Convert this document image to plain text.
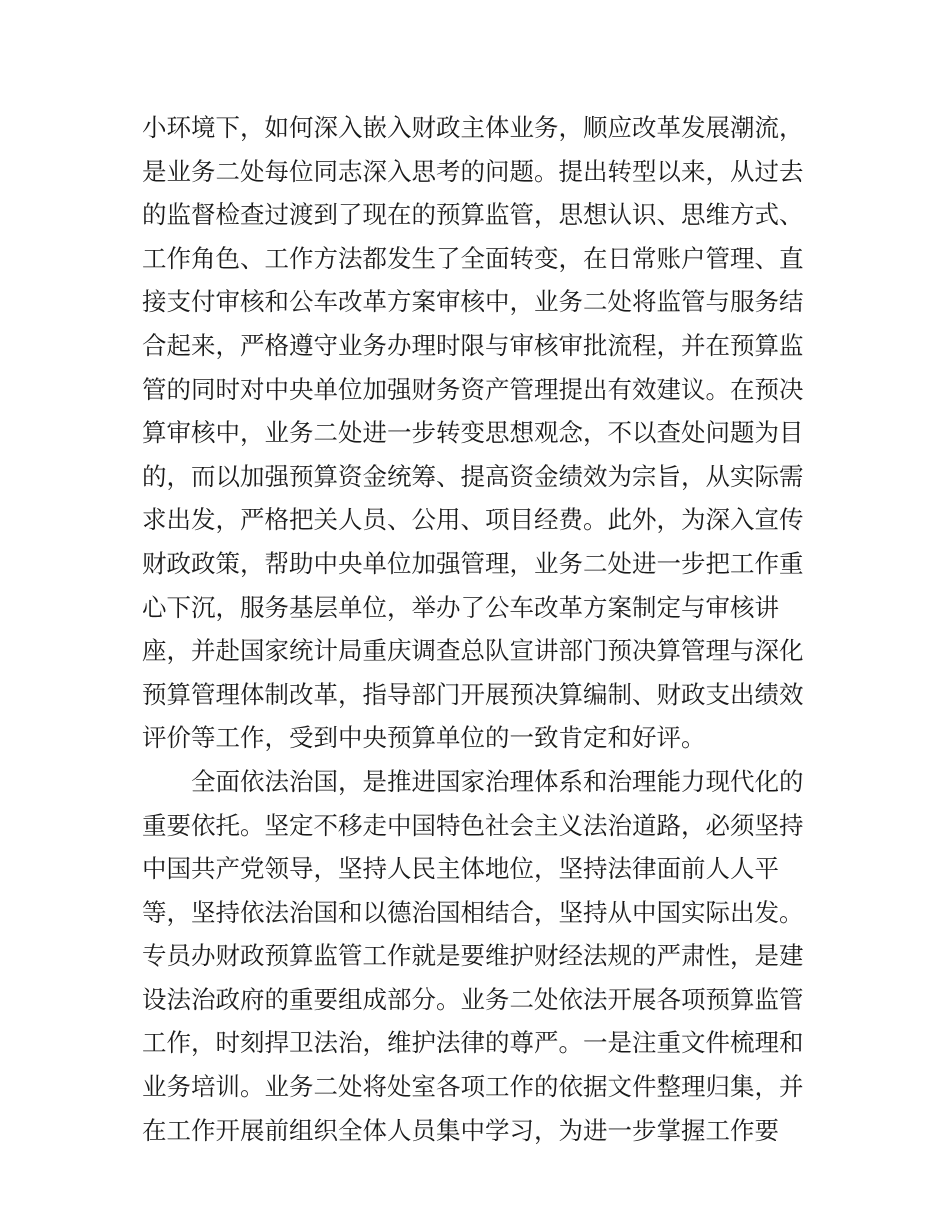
小环境下，如何深入嵌入财政主体业务，顺应改革发展潮流，
是业务二处每位同志深入思考的问题。提出转型以来，从过去
的监督检查过渡到了现在的预算监管，思想认识、思维方式、
工作角色、工作方法都发生了全面转变，在日常账户管理、直
接支付审核和公车改革方案审核中，业务二处将监管与服务结
合起来，严格遵守业务办理时限与审核审批流程，并在预算监
管的同时对中央单位加强财务资产管理提出有效建议。在预决
算审核中，业务二处进一步转变思想观念，不以查处问题为目
的，而以加强预算资金统筹、提高资金绩效为宗旨，从实际需
求出发，严格把关人员、公用、项目经费。此外，为深入宣传
财政政策，帮助中央单位加强管理，业务二处进一步把工作重
心下沉，服务基层单位，举办了公车改革方案制定与审核讲
座，并赴国家统计局重庆调查总队宣讲部门预决算管理与深化
预算管理体制改革，指导部门开展预决算编制、财政支出绩效
评价等工作，受到中央预算单位的一致肯定和好评。
全面依法治国，是推进国家治理体系和治理能力现代化的
重要依托。坚定不移走中国特色社会主义法治道路，必须坚持
中国共产党领导，坚持人民主体地位，坚持法律面前人人平
等，坚持依法治国和以德治国相结合，坚持从中国实际出发。
专员办财政预算监管工作就是要维护财经法规的严肃性，是建
设法治政府的重要组成部分。业务二处依法开展各项预算监管
工作，时刻捍卫法治，维护法律的尊严。一是注重文件梳理和
业务培训。业务二处将处室各项工作的依据文件整理归集，并
在工作开展前组织全体人员集中学习，为进一步掌握工作要
